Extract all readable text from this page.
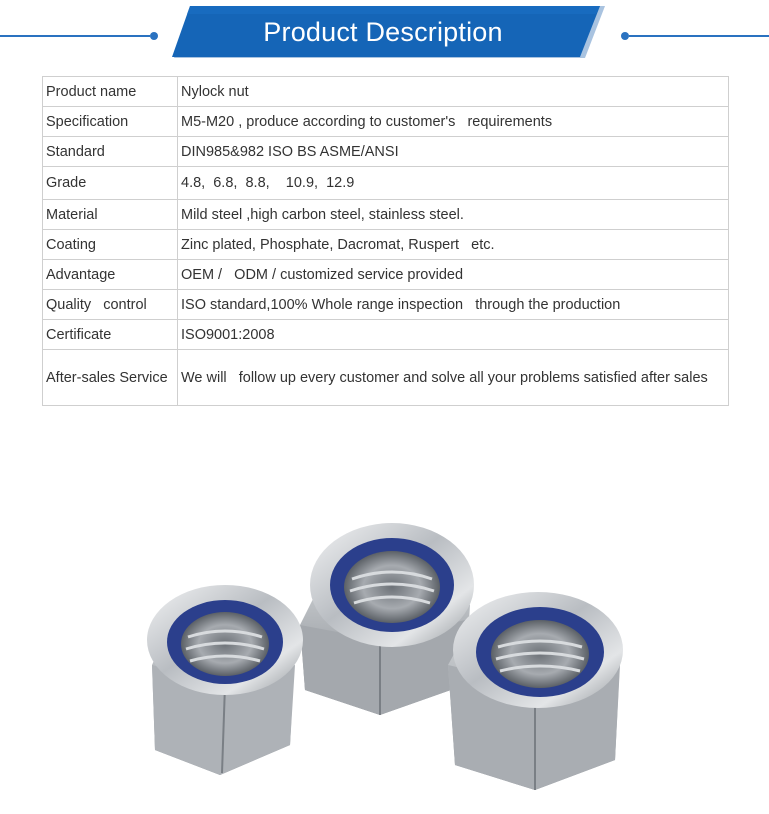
Product Description
Product name	Nylock nut
Specification	M5-M20 , produce according to customer's   requirements
Standard	DIN985&982 ISO BS ASME/ANSI
Grade	4.8,  6.8,  8.8,    10.9,  12.9
Material	Mild steel ,high carbon steel, stainless steel.
Coating	Zinc plated, Phosphate, Dacromat, Ruspert   etc.
Advantage	OEM /   ODM / customized service provided
Quality   control	ISO standard,100% Whole range inspection   through the production
Certificate	ISO9001:2008
After-sales Service	We will   follow up every customer and solve all your problems satisfied after sales
